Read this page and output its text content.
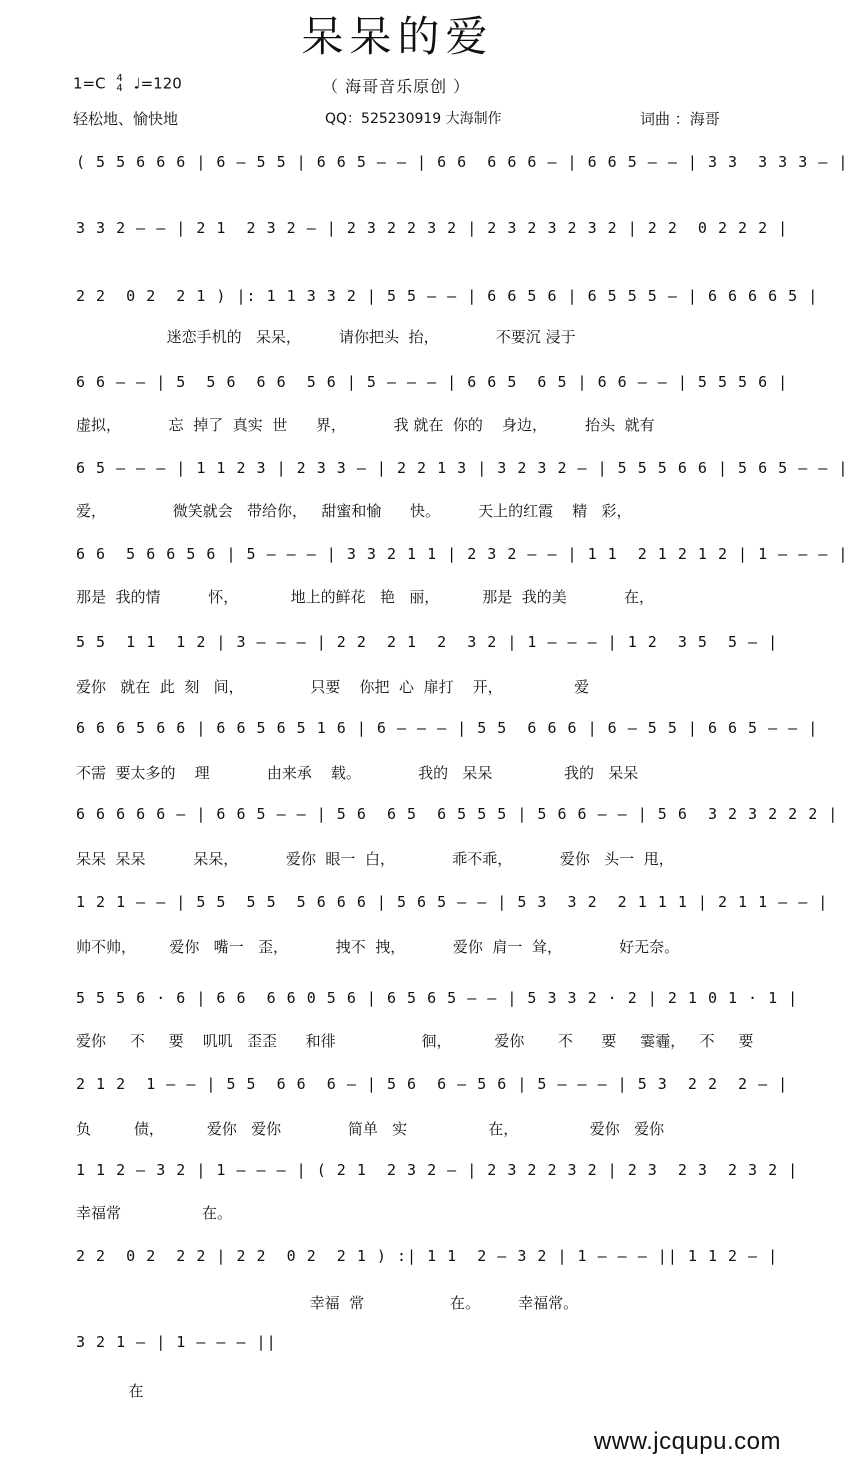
呆呆的爱
1=C 4
4 ♩=120	（ 海哥音乐原创 ）
轻松地、愉快地	QQ：525230919 大海制作	词曲 ：海哥
( 5 5 6 6 6 | 6 — 5 5 | 6 6 5 — — | 6 6  6 6 6 — | 6 6 5 — — | 3 3  3 3 3 — |
3 3 2 — — | 2 1  2 3 2 — | 2 3 2 2 3 2 | 2 3 2 3 2 3 2 | 2 2  0 2 2 2 |
迷恋手机的   呆呆，        请你把头  抬，            不要沉 浸于
2 2  0 2  2 1 ) |: 1 1 3 3 2 | 5 5 — — | 6 6 5 6 | 6 5 5 5 — | 6 6 6 6 5 |
6 6 — — | 5  5 6  6 6  5 6 | 5 — — — | 6 6 5  6 5 | 6 6 — — | 5 5 5 6 |
虚拟，          忘  掉了  真实  世      界，          我 就在  你的    身边，        抬头  就有
6 5 — — — | 1 1 2 3 | 2 3 3 — | 2 2 1 3 | 3 2 3 2 — | 5 5 5 6 6 | 5 6 5 — — |
爱，              微笑就会   带给你，   甜蜜和愉      快。        天上的红霞    精   彩，
6 6  5 6 6 5 6 | 5 — — — | 3 3 2 1 1 | 2 3 2 — — | 1 1  2 1 2 1 2 | 1 — — — |
那是  我的情          怀，           地上的鲜花   艳   丽，         那是  我的美            在，
5 5  1 1  1 2 | 3 — — — | 2 2  2 1  2  3 2 | 1 — — — | 1 2  3 5  5 — |
爱你   就在  此  刻   间，              只要    你把  心  扉打    开，               爱
6 6 6 5 6 6 | 6 6 5 6 5 1 6 | 6 — — — | 5 5  6 6 6 | 6 — 5 5 | 6 6 5 — — |
不需  要太多的    理            由来承    载。            我的   呆呆               我的   呆呆
6 6 6 6 6 — | 6 6 5 — — | 5 6  6 5  6 5 5 5 | 5 6 6 — — | 5 6  3 2 3 2 2 2 |
呆呆  呆呆          呆呆，          爱你  眼一  白，            乖不乖，          爱你   头一  甩，
1 2 1 — — | 5 5  5 5  5 6 6 6 | 5 6 5 — — | 5 3  3 2  2 1 1 1 | 2 1 1 — — |
帅不帅，       爱你   嘴一   歪，          拽不  拽，          爱你  肩一  耸，            好无奈。
5 5 5 6 · 6 | 6 6  6 6 0 5 6 | 6 5 6 5 — — | 5 3 3 2 · 2 | 2 1 0 1 · 1 |
爱你     不     要    叽叽   歪歪      和徘                  徊，         爱你       不      要     霎霾，   不     要
2 1 2  1 — — | 5 5  6 6  6 — | 5 6  6 — 5 6 | 5 — — — | 5 3  2 2  2 — |
负         债，         爱你   爱你              简单   实                 在，               爱你   爱你
1 1 2 — 3 2 | 1 — — — | ( 2 1  2 3 2 — | 2 3 2 2 3 2 | 2 3  2 3  2 3 2 |
幸福常                 在。
2 2  0 2  2 2 | 2 2  0 2  2 1 ) :| 1 1  2 — 3 2 | 1 — — — || 1 1 2 — |
幸福  常                  在。        幸福常。
3 2 1 — | 1 — — — ||
在
www.jcqupu.com
